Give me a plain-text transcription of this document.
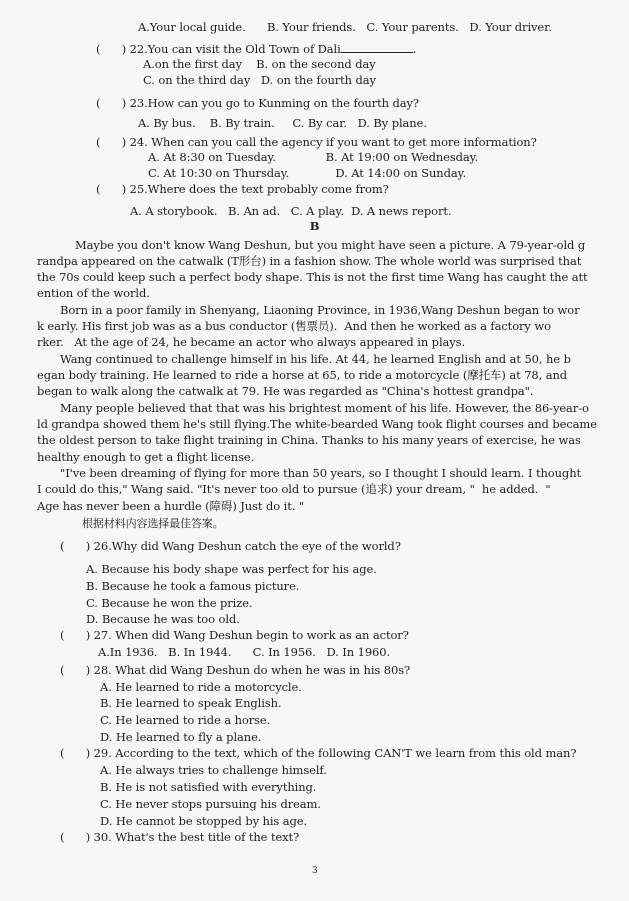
A.Your local guide.      B. Your friends.   C. Your parents.   D. Your driver.
(      ) 22.You can visit the Old Town of Dali	.
A.on the first day    B. on the second day
C. on the third day   D. on the fourth day
(      ) 23.How can you go to Kunming on the fourth day?
A. By bus.    B. By train.     C. By car.   D. By plane.
(      ) 24. When can you call the agency if you want to get more information?
A. At 8:30 on Tuesday.              B. At 19:00 on Wednesday.
C. At 10:30 on Thursday.             D. At 14:00 on Sunday.
(      ) 25.Where does the text probably come from?
A. A storybook.   B. An ad.   C. A play.  D. A news report.
B
Maybe you don't know Wang Deshun, but you might have seen a picture. A 79-year-old g
randpa appeared on the catwalk (T形台) in a fashion show. The whole world was surprised that
the 70s could keep such a perfect body shape. This is not the first time Wang has caught the att
ention of the world.
Born in a poor family in Shenyang, Liaoning Province, in 1936,Wang Deshun began to wor
k early. His first job was as a bus conductor (售票员).  And then he worked as a factory wo
rker.   At the age of 24, he became an actor who always appeared in plays.
Wang continued to challenge himself in his life. At 44, he learned English and at 50, he b
egan body training. He learned to ride a horse at 65, to ride a motorcycle (摩托车) at 78, and
began to walk along the catwalk at 79. He was regarded as "China's hottest grandpa".
Many people believed that that was his brightest moment of his life. However, the 86-year-o
ld grandpa showed them he's still flying.The white-bearded Wang took flight courses and became
the oldest person to take flight training in China. Thanks to his many years of exercise, he was
healthy enough to get a flight license.
"I've been dreaming of flying for more than 50 years, so I thought I should learn. I thought
I could do this," Wang said. "It's never too old to pursue (追求) your dream, "  he added.  "
Age has never been a hurdle (障碍) Just do it. "
根据材料内容选择最佳答案。
(      ) 26.Why did Wang Deshun catch the eye of the world?
A. Because his body shape was perfect for his age.
B. Because he took a famous picture.
C. Because he won the prize.
D. Because he was too old.
(      ) 27. When did Wang Deshun begin to work as an actor?
A.In 1936.   B. In 1944.      C. In 1956.   D. In 1960.
(      ) 28. What did Wang Deshun do when he was in his 80s?
A. He learned to ride a motorcycle.
B. He learned to speak English.
C. He learned to ride a horse.
D. He learned to fly a plane.
(      ) 29. According to the text, which of the following CAN'T we learn from this old man?
A. He always tries to challenge himself.
B. He is not satisfied with everything.
C. He never stops pursuing his dream.
D. He cannot be stopped by his age.
(      ) 30. What's the best title of the text?
3
